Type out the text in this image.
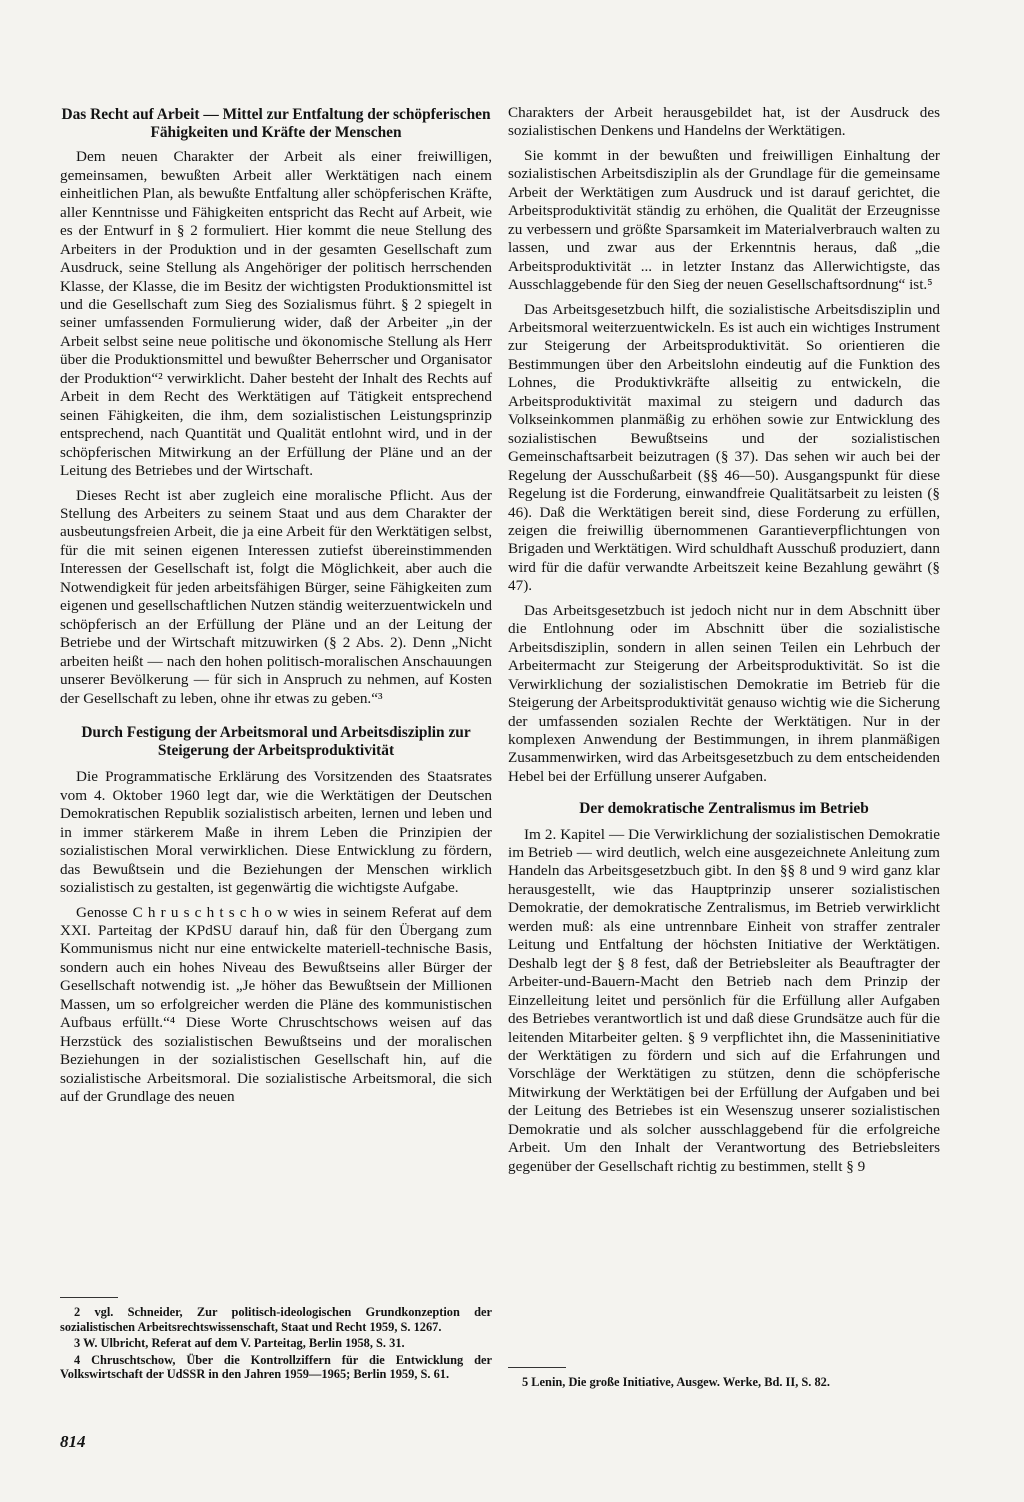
Das Recht auf Arbeit — Mittel zur Entfaltung der schöpferischen Fähigkeiten und Kräfte der Menschen

Dem neuen Charakter der Arbeit als einer freiwilligen, gemeinsamen, bewußten Arbeit aller Werktätigen nach einem einheitlichen Plan, als bewußte Entfaltung aller schöpferischen Kräfte, aller Kenntnisse und Fähigkeiten entspricht das Recht auf Arbeit, wie es der Entwurf in § 2 formuliert. Hier kommt die neue Stellung des Arbeiters in der Produktion und in der gesamten Gesellschaft zum Ausdruck, seine Stellung als Angehöriger der politisch herrschenden Klasse, der Klasse, die im Besitz der wichtigsten Produktionsmittel ist und die Gesellschaft zum Sieg des Sozialismus führt. § 2 spiegelt in seiner umfassenden Formulierung wider, daß der Arbeiter „in der Arbeit selbst seine neue politische und ökonomische Stellung als Herr über die Produktionsmittel und bewußter Beherrscher und Organisator der Produktion“² verwirklicht. Daher besteht der Inhalt des Rechts auf Arbeit in dem Recht des Werktätigen auf Tätigkeit entsprechend seinen Fähigkeiten, die ihm, dem sozialistischen Leistungsprinzip entsprechend, nach Quantität und Qualität entlohnt wird, und in der schöpferischen Mitwirkung an der Erfüllung der Pläne und an der Leitung des Betriebes und der Wirtschaft.

Dieses Recht ist aber zugleich eine moralische Pflicht. Aus der Stellung des Arbeiters zu seinem Staat und aus dem Charakter der ausbeutungsfreien Arbeit, die ja eine Arbeit für den Werktätigen selbst, für die mit seinen eigenen Interessen zutiefst übereinstimmenden Interessen der Gesellschaft ist, folgt die Möglichkeit, aber auch die Notwendigkeit für jeden arbeitsfähigen Bürger, seine Fähigkeiten zum eigenen und gesellschaftlichen Nutzen ständig weiterzuentwickeln und schöpferisch an der Erfüllung der Pläne und an der Leitung der Betriebe und der Wirtschaft mitzuwirken (§ 2 Abs. 2). Denn „Nicht arbeiten heißt — nach den hohen politisch-moralischen Anschauungen unserer Bevölkerung — für sich in Anspruch zu nehmen, auf Kosten der Gesellschaft zu leben, ohne ihr etwas zu geben.“³

Durch Festigung der Arbeitsmoral und Arbeitsdisziplin zur Steigerung der Arbeitsproduktivität

Die Programmatische Erklärung des Vorsitzenden des Staatsrates vom 4. Oktober 1960 legt dar, wie die Werktätigen der Deutschen Demokratischen Republik sozialistisch arbeiten, lernen und leben und in immer stärkerem Maße in ihrem Leben die Prinzipien der sozialistischen Moral verwirklichen. Diese Entwicklung zu fördern, das Bewußtsein und die Beziehungen der Menschen wirklich sozialistisch zu gestalten, ist gegenwärtig die wichtigste Aufgabe.

Genosse C h r u s c h t s c h o w wies in seinem Referat auf dem XXI. Parteitag der KPdSU darauf hin, daß für den Übergang zum Kommunismus nicht nur eine entwickelte materiell-technische Basis, sondern auch ein hohes Niveau des Bewußtseins aller Bürger der Gesellschaft notwendig ist. „Je höher das Bewußtsein der Millionen Massen, um so erfolgreicher werden die Pläne des kommunistischen Aufbaus erfüllt.“⁴ Diese Worte Chruschtschows weisen auf das Herzstück des sozialistischen Bewußtseins und der moralischen Beziehungen in der sozialistischen Gesellschaft hin, auf die sozialistische Arbeitsmoral. Die sozialistische Arbeitsmoral, die sich auf der Grundlage des neuen

Charakters der Arbeit herausgebildet hat, ist der Ausdruck des sozialistischen Denkens und Handelns der Werktätigen.

Sie kommt in der bewußten und freiwilligen Einhaltung der sozialistischen Arbeitsdisziplin als der Grundlage für die gemeinsame Arbeit der Werktätigen zum Ausdruck und ist darauf gerichtet, die Arbeitsproduktivität ständig zu erhöhen, die Qualität der Erzeugnisse zu verbessern und größte Sparsamkeit im Materialverbrauch walten zu lassen, und zwar aus der Erkenntnis heraus, daß „die Arbeitsproduktivität ... in letzter Instanz das Allerwichtigste, das Ausschlaggebende für den Sieg der neuen Gesellschaftsordnung“ ist.⁵

Das Arbeitsgesetzbuch hilft, die sozialistische Arbeitsdisziplin und Arbeitsmoral weiterzuentwickeln. Es ist auch ein wichtiges Instrument zur Steigerung der Arbeitsproduktivität. So orientieren die Bestimmungen über den Arbeitslohn eindeutig auf die Funktion des Lohnes, die Produktivkräfte allseitig zu entwickeln, die Arbeitsproduktivität maximal zu steigern und dadurch das Volkseinkommen planmäßig zu erhöhen sowie zur Entwicklung des sozialistischen Bewußtseins und der sozialistischen Gemeinschaftsarbeit beizutragen (§ 37). Das sehen wir auch bei der Regelung der Ausschußarbeit (§§ 46—50). Ausgangspunkt für diese Regelung ist die Forderung, einwandfreie Qualitätsarbeit zu leisten (§ 46). Daß die Werktätigen bereit sind, diese Forderung zu erfüllen, zeigen die freiwillig übernommenen Garantieverpflichtungen von Brigaden und Werktätigen. Wird schuldhaft Ausschuß produziert, dann wird für die dafür verwandte Arbeitszeit keine Bezahlung gewährt (§ 47).

Das Arbeitsgesetzbuch ist jedoch nicht nur in dem Abschnitt über die Entlohnung oder im Abschnitt über die sozialistische Arbeitsdisziplin, sondern in allen seinen Teilen ein Lehrbuch der Arbeitermacht zur Steigerung der Arbeitsproduktivität. So ist die Verwirklichung der sozialistischen Demokratie im Betrieb für die Steigerung der Arbeitsproduktivität genauso wichtig wie die Sicherung der umfassenden sozialen Rechte der Werktätigen. Nur in der komplexen Anwendung der Bestimmungen, in ihrem planmäßigen Zusammenwirken, wird das Arbeitsgesetzbuch zu dem entscheidenden Hebel bei der Erfüllung unserer Aufgaben.

Der demokratische Zentralismus im Betrieb

Im 2. Kapitel — Die Verwirklichung der sozialistischen Demokratie im Betrieb — wird deutlich, welch eine ausgezeichnete Anleitung zum Handeln das Arbeitsgesetzbuch gibt. In den §§ 8 und 9 wird ganz klar herausgestellt, wie das Hauptprinzip unserer sozialistischen Demokratie, der demokratische Zentralismus, im Betrieb verwirklicht werden muß: als eine untrennbare Einheit von straffer zentraler Leitung und Entfaltung der höchsten Initiative der Werktätigen. Deshalb legt der § 8 fest, daß der Betriebsleiter als Beauftragter der Arbeiter-und-Bauern-Macht den Betrieb nach dem Prinzip der Einzelleitung leitet und persönlich für die Erfüllung aller Aufgaben des Betriebes verantwortlich ist und daß diese Grundsätze auch für die leitenden Mitarbeiter gelten. § 9 verpflichtet ihn, die Masseninitiative der Werktätigen zu fördern und sich auf die Erfahrungen und Vorschläge der Werktätigen zu stützen, denn die schöpferische Mitwirkung der Werktätigen bei der Erfüllung der Aufgaben und bei der Leitung des Betriebes ist ein Wesenszug unserer sozialistischen Demokratie und als solcher ausschlaggebend für die erfolgreiche Arbeit. Um den Inhalt der Verantwortung des Betriebsleiters gegenüber der Gesellschaft richtig zu bestimmen, stellt § 9

2 vgl. Schneider, Zur politisch-ideologischen Grundkonzeption der sozialistischen Arbeitsrechtswissenschaft, Staat und Recht 1959, S. 1267.

3 W. Ulbricht, Referat auf dem V. Parteitag, Berlin 1958, S. 31.

4 Chruschtschow, Über die Kontrollziffern für die Entwicklung der Volkswirtschaft der UdSSR in den Jahren 1959—1965; Berlin 1959, S. 61.

5 Lenin, Die große Initiative, Ausgew. Werke, Bd. II, S. 82.

814
